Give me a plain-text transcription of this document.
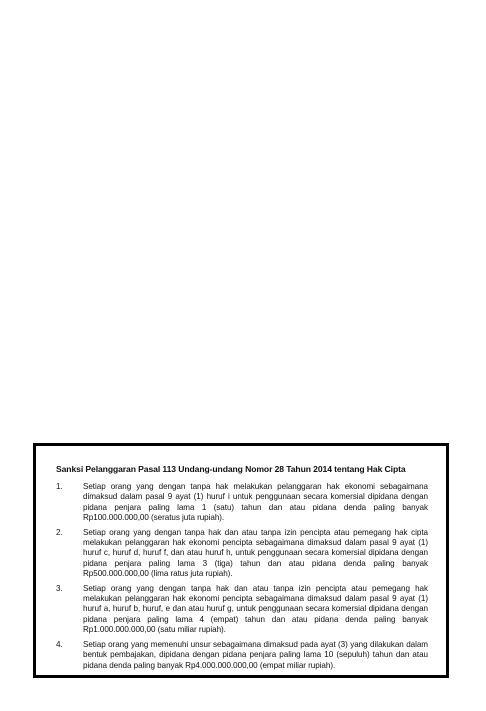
Sanksi Pelanggaran Pasal 113 Undang-undang Nomor 28 Tahun 2014 tentang Hak Cipta
1.	Setiap orang yang dengan tanpa hak melakukan pelanggaran hak ekonomi sebagaimana dimaksud dalam pasal 9 ayat (1) huruf i untuk penggunaan secara komersial dipidana dengan pidana penjara paling lama 1 (satu) tahun dan atau pidana denda paling banyak Rp100.000.000,00 (seratus juta rupiah).
2.	Setiap orang yang dengan tanpa hak dan atau tanpa izin pencipta atau pemegang hak cipta melakukan pelanggaran hak ekonomi pencipta sebagaimana dimaksud dalam pasal 9 ayat (1) huruf c, huruf d, huruf f, dan atau huruf h, untuk penggunaan secara komersial dipidana dengan pidana penjara paling lama 3 (tiga) tahun dan atau pidana denda paling banyak Rp500.000.000,00 (lima ratus juta rupiah).
3.	Setiap orang yang dengan tanpa hak dan atau tanpa izin pencipta atau pemegang hak melakukan pelanggaran hak ekonomi pencipta sebagaimana dimaksud dalam pasal 9 ayat (1) huruf a, huruf b, huruf, e dan atau huruf g, untuk penggunaan secara komersial dipidana dengan pidana penjara paling lama 4 (empat) tahun dan atau pidana denda paling banyak Rp1.000.000.000,00 (satu miliar rupiah).
4.	Setiap orang yang memenuhi unsur sebagaimana dimaksud pada ayat (3) yang dilakukan dalam bentuk pembajakan, dipidana dengan pidana penjara paling lama 10 (sepuluh) tahun dan atau pidana denda paling banyak Rp4.000.000.000,00 (empat miliar rupiah).
